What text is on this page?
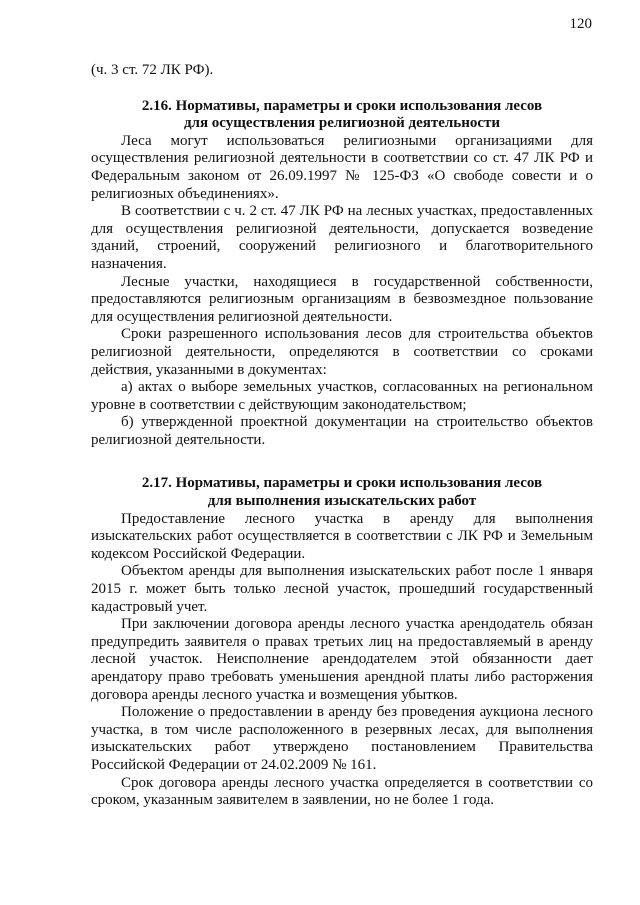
120

(ч. 3 ст. 72 ЛК РФ).

2.16. Нормативы, параметры и сроки использования лесов
для осуществления религиозной деятельности

Леса могут использоваться религиозными организациями для осуществления религиозной деятельности в соответствии со ст. 47 ЛК РФ и Федеральным законом от 26.09.1997 № 125-ФЗ «О свободе совести и о религиозных объединениях».

В соответствии с ч. 2 ст. 47 ЛК РФ на лесных участках, предоставленных для осуществления религиозной деятельности, допускается возведение зданий, строений, сооружений религиозного и благотворительного назначения.

Лесные участки, находящиеся в государственной собственности, предоставляются религиозным организациям в безвозмездное пользование для осуществления религиозной деятельности.

Сроки разрешенного использования лесов для строительства объектов религиозной деятельности, определяются в соответствии со сроками действия, указанными в документах:

а) актах о выборе земельных участков, согласованных на региональном уровне в соответствии с действующим законодательством;

б) утвержденной проектной документации на строительство объектов религиозной деятельности.

2.17. Нормативы, параметры и сроки использования лесов
для выполнения изыскательских работ

Предоставление лесного участка в аренду для выполнения изыскательских работ осуществляется в соответствии с ЛК РФ и Земельным кодексом Российской Федерации.

Объектом аренды для выполнения изыскательских работ после 1 января 2015 г. может быть только лесной участок, прошедший государственный кадастровый учет.

При заключении договора аренды лесного участка арендодатель обязан предупредить заявителя о правах третьих лиц на предоставляемый в аренду лесной участок. Неисполнение арендодателем этой обязанности дает арендатору право требовать уменьшения арендной платы либо расторжения договора аренды лесного участка и возмещения убытков.

Положение о предоставлении в аренду без проведения аукциона лесного участка, в том числе расположенного в резервных лесах, для выполнения изыскательских работ утверждено постановлением Правительства Российской Федерации от 24.02.2009 № 161.

Срок договора аренды лесного участка определяется в соответствии со сроком, указанным заявителем в заявлении, но не более 1 года.
